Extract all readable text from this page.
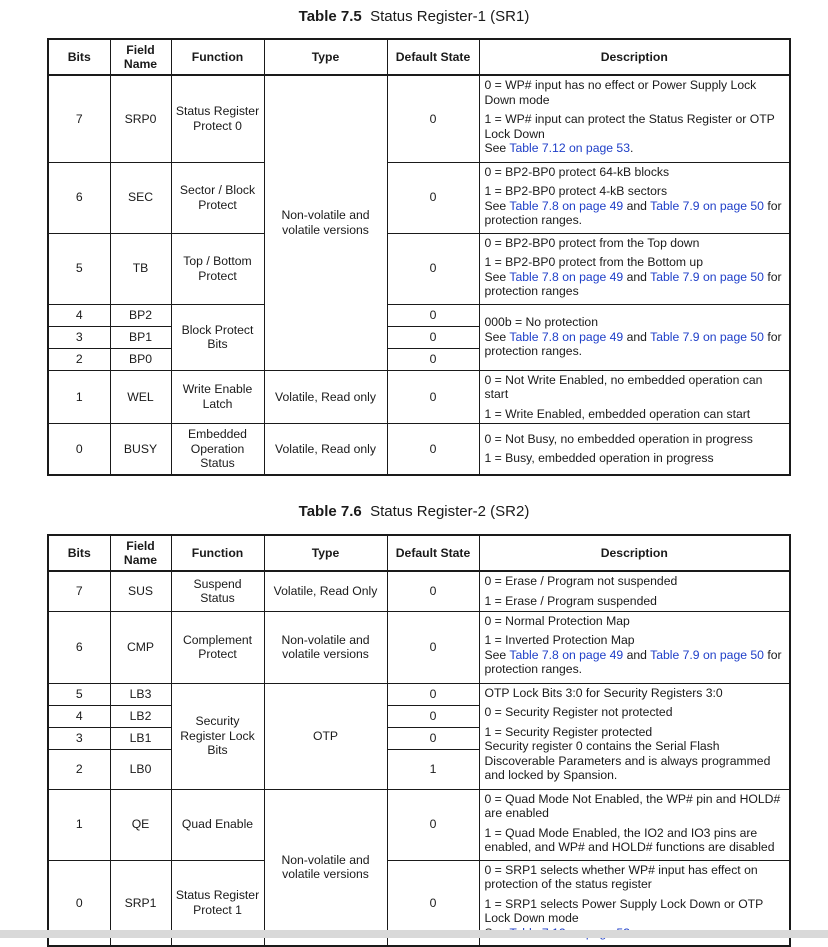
Table 7.5 Status Register-1 (SR1)
Bits	Field Name	Function	Type	Default State	Description
7	SRP0	Status Register Protect 0	Non-volatile and volatile versions	0	0 = WP# input has no effect or Power Supply Lock Down mode
1 = WP# input can protect the Status Register or OTP Lock Down
See Table 7.12 on page 53.

6	SEC	Sector / Block Protect		0	0 = BP2-BP0 protect 64-kB blocks
1 = BP2-BP0 protect 4-kB sectors
See Table 7.8 on page 49 and Table 7.9 on page 50 for protection ranges.

5	TB	Top / Bottom Protect		0	0 = BP2-BP0 protect from the Top down
1 = BP2-BP0 protect from the Bottom up
See Table 7.8 on page 49 and Table 7.9 on page 50 for protection ranges

4	BP2	Block Protect Bits		0	000b = No protection
See Table 7.8 on page 49 and Table 7.9 on page 50 for protection ranges.

3	BP1			0	
2	BP0			0	
1	WEL	Write Enable Latch	Volatile, Read only	0	0 = Not Write Enabled, no embedded operation can start
1 = Write Enabled, embedded operation can start

0	BUSY	Embedded Operation Status	Volatile, Read only	0	0 = Not Busy, no embedded operation in progress
1 = Busy, embedded operation in progress
Table 7.6 Status Register-2 (SR2)
Bits	Field Name	Function	Type	Default State	Description
7	SUS	Suspend Status	Volatile, Read Only	0	0 = Erase / Program not suspended
1 = Erase / Program suspended

6	CMP	Complement Protect	Non-volatile and volatile versions	0	0 = Normal Protection Map
1 = Inverted Protection Map
See Table 7.8 on page 49 and Table 7.9 on page 50 for protection ranges.

5	LB3	Security Register Lock Bits	OTP	0	OTP Lock Bits 3:0 for Security Registers 3:0
0 = Security Register not protected
1 = Security Register protected
Security register 0 contains the Serial Flash Discoverable Parameters and is always programmed and locked by Spansion.

4	LB2			0	
3	LB1			0	
2	LB0			1	
1	QE	Quad Enable	Non-volatile and volatile versions	0	0 = Quad Mode Not Enabled, the WP# pin and HOLD# are enabled
1 = Quad Mode Enabled, the IO2 and IO3 pins are enabled, and WP# and HOLD# functions are disabled

0	SRP1	Status Register Protect 1		0	0 = SRP1 selects whether WP# input has effect on protection of the status register
1 = SRP1 selects Power Supply Lock Down or OTP Lock Down mode
